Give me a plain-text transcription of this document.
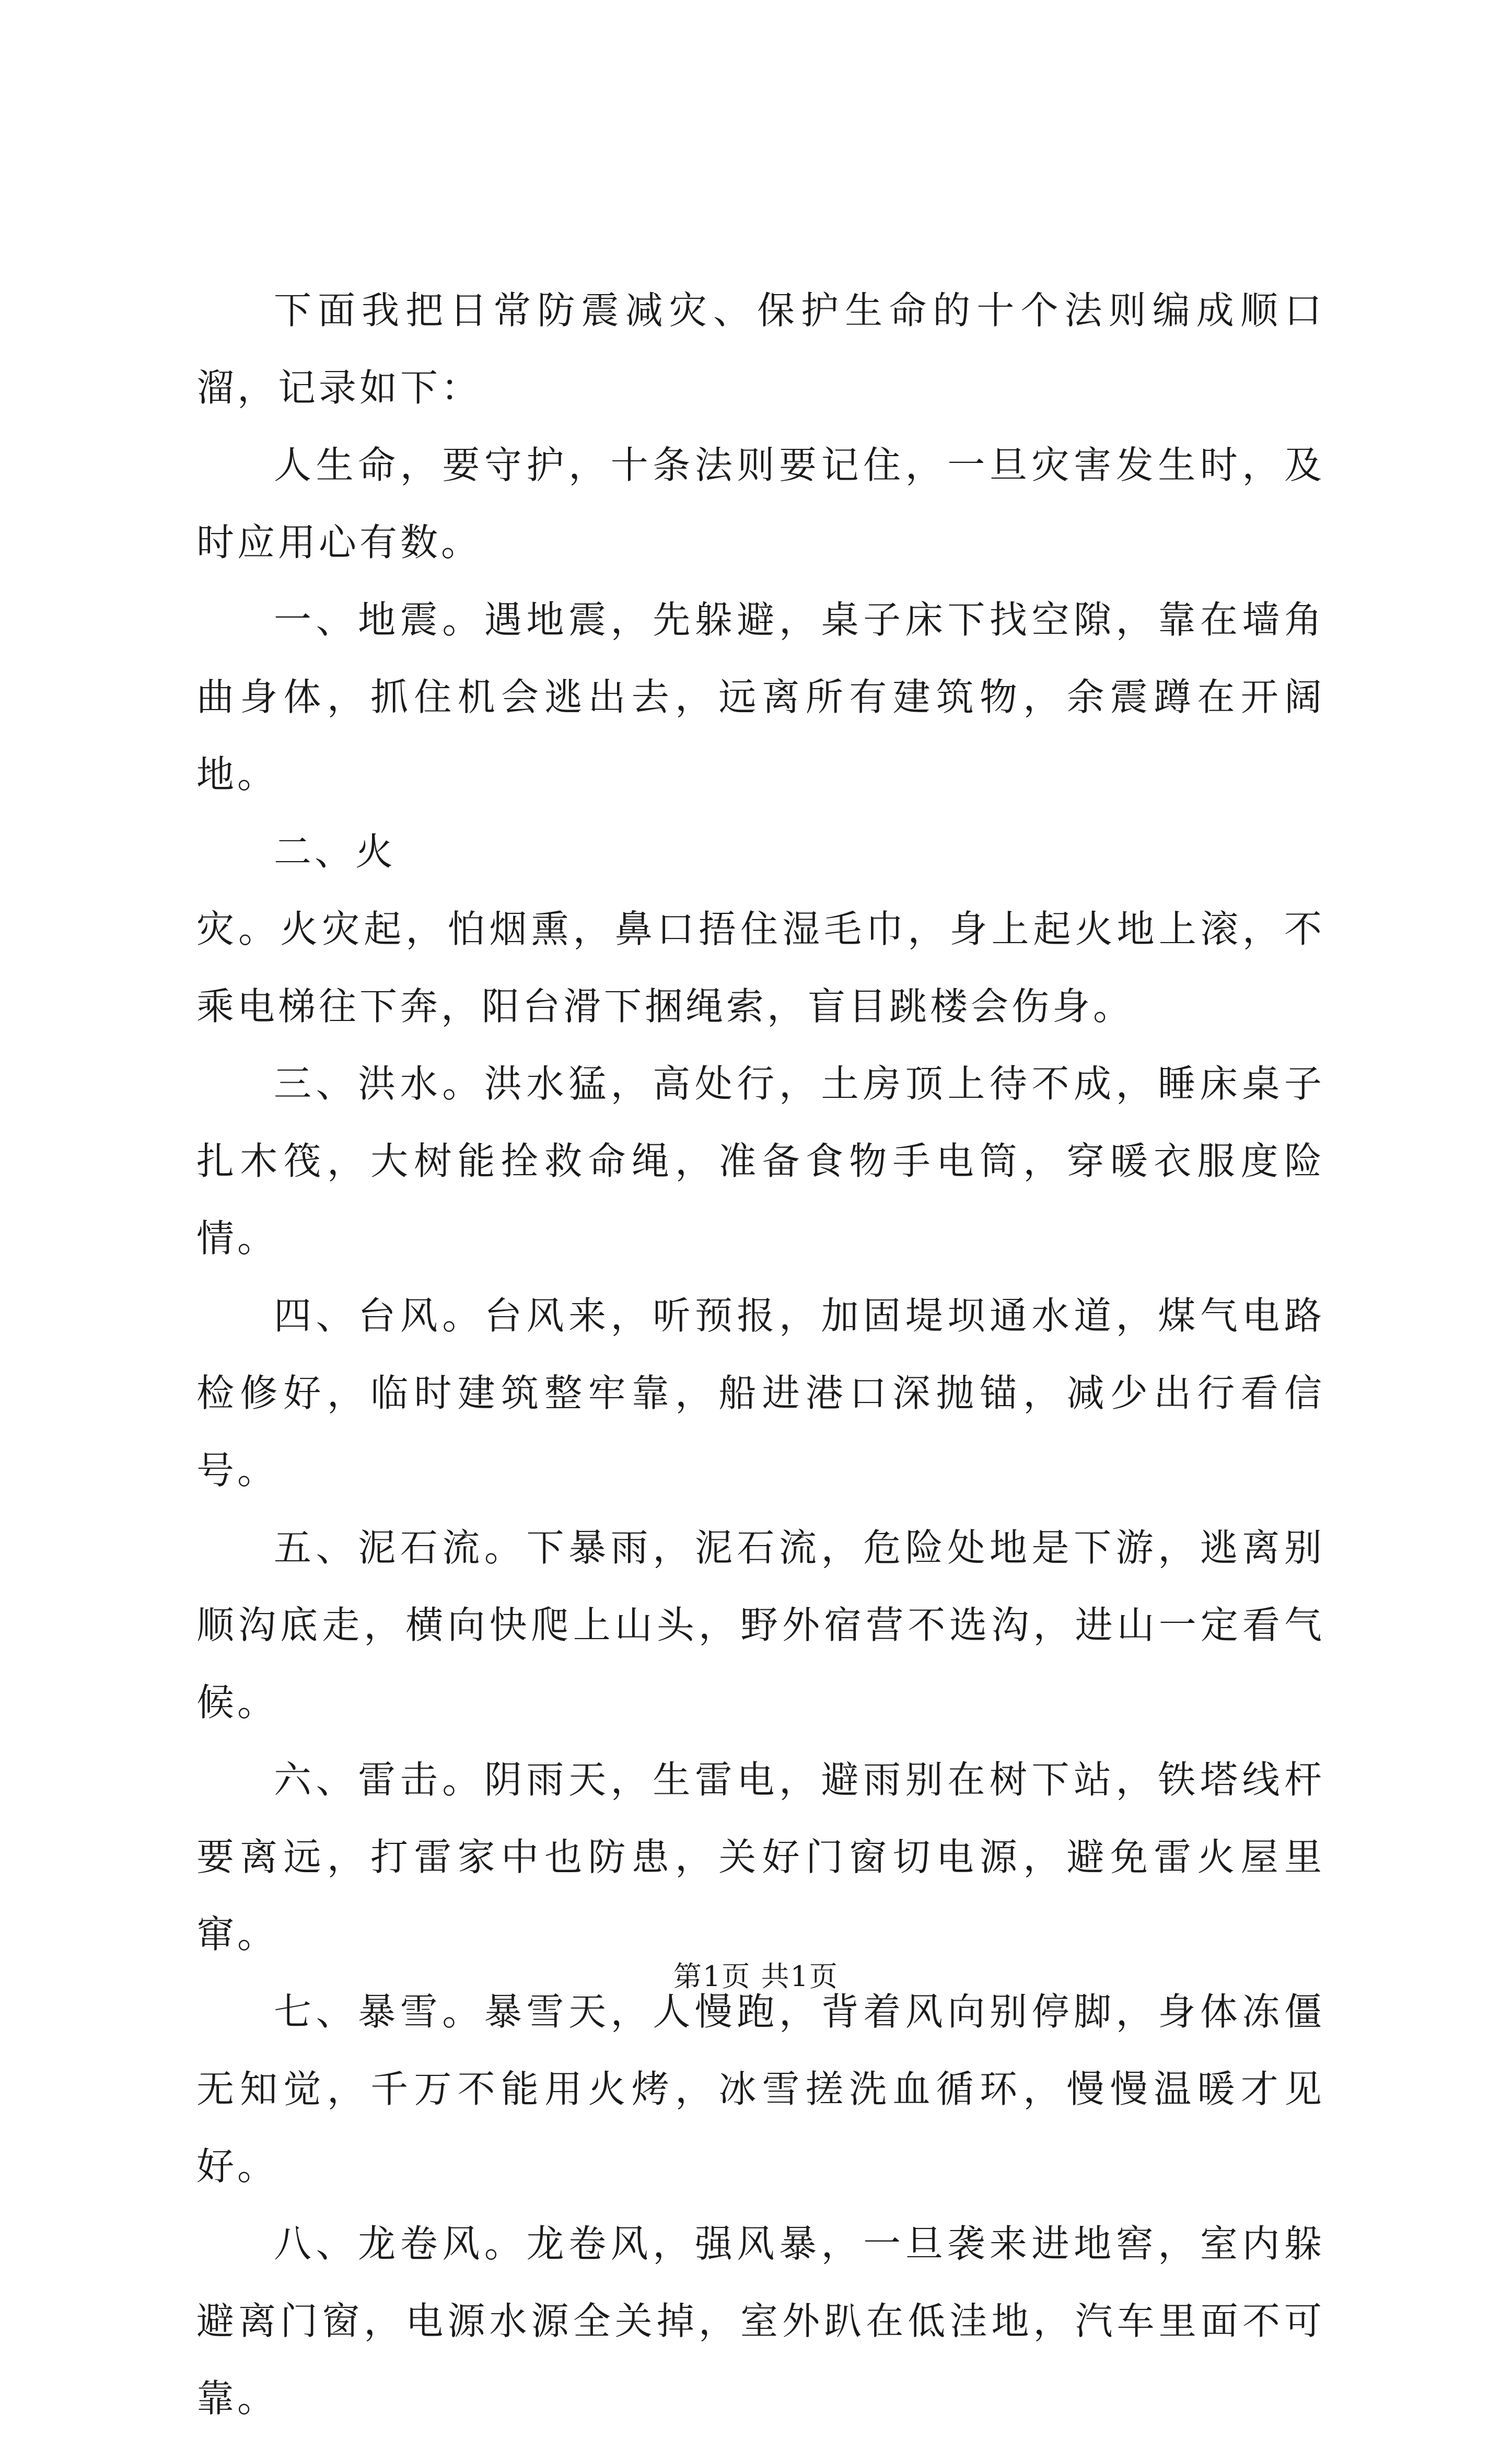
下面我把日常防震减灾、保护生命的十个法则编成顺口溜，记录如下：

人生命，要守护，十条法则要记住，一旦灾害发生时，及时应用心有数。

一、地震。遇地震，先躲避，桌子床下找空隙，靠在墙角曲身体，抓住机会逃出去，远离所有建筑物，余震蹲在开阔地。

二、火

灾。火灾起，怕烟熏，鼻口捂住湿毛巾，身上起火地上滚，不乘电梯往下奔，阳台滑下捆绳索，盲目跳楼会伤身。

三、洪水。洪水猛，高处行，土房顶上待不成，睡床桌子扎木筏，大树能拴救命绳，准备食物手电筒，穿暖衣服度险情。

四、台风。台风来，听预报，加固堤坝通水道，煤气电路检修好，临时建筑整牢靠，船进港口深抛锚，减少出行看信号。

五、泥石流。下暴雨，泥石流，危险处地是下游，逃离别顺沟底走，横向快爬上山头，野外宿营不选沟，进山一定看气候。

六、雷击。阴雨天，生雷电，避雨别在树下站，铁塔线杆要离远，打雷家中也防患，关好门窗切电源，避免雷火屋里窜。

七、暴雪。暴雪天，人慢跑，背着风向别停脚，身体冻僵无知觉，千万不能用火烤，冰雪搓洗血循环，慢慢温暖才见好。

八、龙卷风。龙卷风，强风暴，一旦袭来进地窖，室内躲避离门窗，电源水源全关掉，室外趴在低洼地，汽车里面不可靠。

第1页 共1页
